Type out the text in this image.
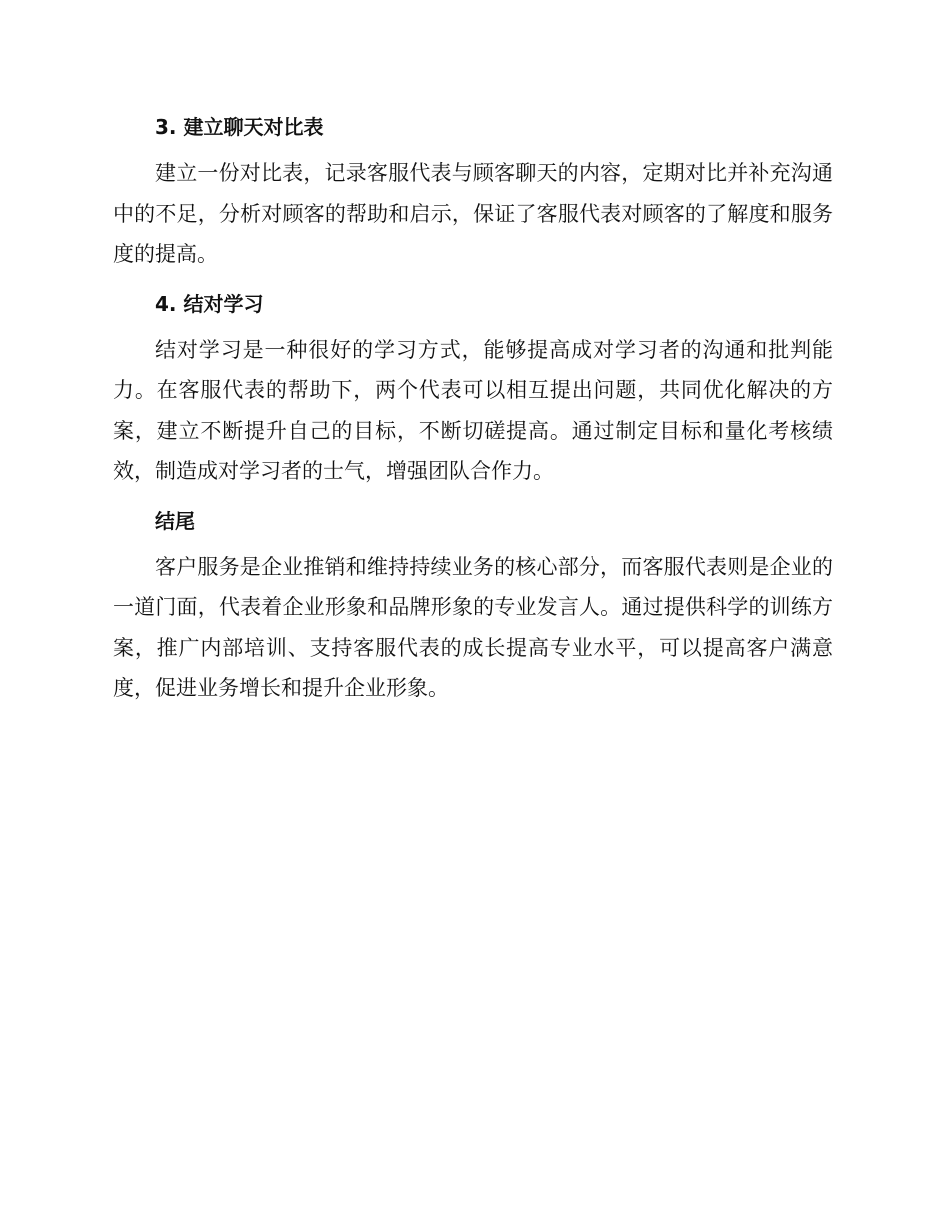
3. 建立聊天对比表

建立一份对比表，记录客服代表与顾客聊天的内容，定期对比并补充沟通中的不足，分析对顾客的帮助和启示，保证了客服代表对顾客的了解度和服务度的提高。

4. 结对学习

结对学习是一种很好的学习方式，能够提高成对学习者的沟通和批判能力。在客服代表的帮助下，两个代表可以相互提出问题，共同优化解决的方案，建立不断提升自己的目标，不断切磋提高。通过制定目标和量化考核绩效，制造成对学习者的士气，增强团队合作力。

结尾

客户服务是企业推销和维持持续业务的核心部分，而客服代表则是企业的一道门面，代表着企业形象和品牌形象的专业发言人。通过提供科学的训练方案，推广内部培训、支持客服代表的成长提高专业水平，可以提高客户满意度，促进业务增长和提升企业形象。
